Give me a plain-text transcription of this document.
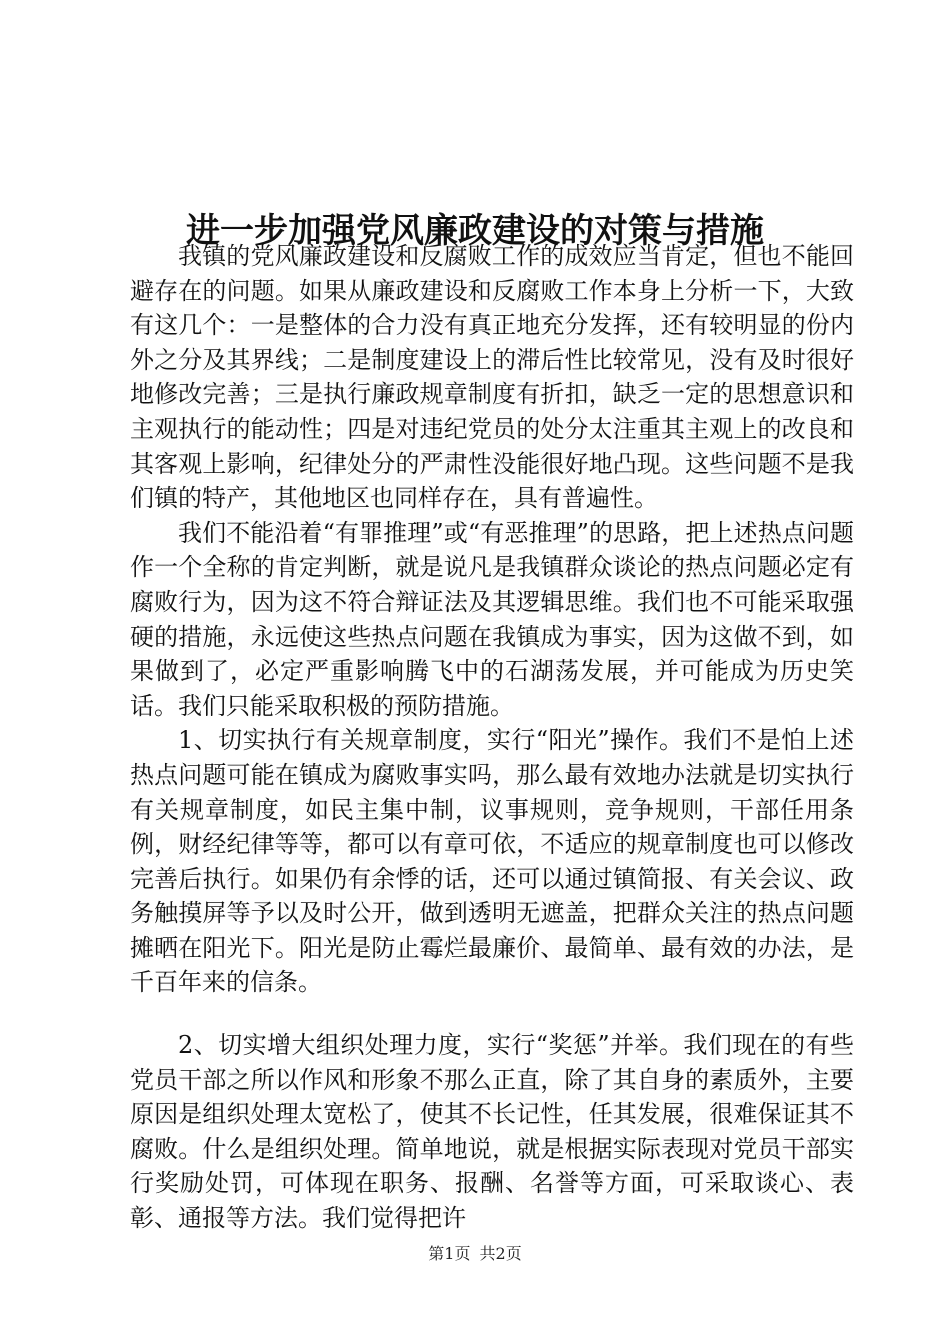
进一步加强党风廉政建设的对策与措施

我镇的党风廉政建设和反腐败工作的成效应当肯定，但也不能回避存在的问题。如果从廉政建设和反腐败工作本身上分析一下，大致有这几个：一是整体的合力没有真正地充分发挥，还有较明显的份内外之分及其界线；二是制度建设上的滞后性比较常见，没有及时很好地修改完善；三是执行廉政规章制度有折扣，缺乏一定的思想意识和主观执行的能动性；四是对违纪党员的处分太注重其主观上的改良和其客观上影响，纪律处分的严肃性没能很好地凸现。这些问题不是我们镇的特产，其他地区也同样存在，具有普遍性。

我们不能沿着“有罪推理”或“有恶推理”的思路，把上述热点问题作一个全称的肯定判断，就是说凡是我镇群众谈论的热点问题必定有腐败行为，因为这不符合辩证法及其逻辑思维。我们也不可能采取强硬的措施，永远使这些热点问题在我镇成为事实，因为这做不到，如果做到了，必定严重影响腾飞中的石湖荡发展，并可能成为历史笑话。我们只能采取积极的预防措施。

1、切实执行有关规章制度，实行“阳光”操作。我们不是怕上述热点问题可能在镇成为腐败事实吗，那么最有效地办法就是切实执行有关规章制度，如民主集中制，议事规则，竞争规则，干部任用条例，财经纪律等等，都可以有章可依，不适应的规章制度也可以修改完善后执行。如果仍有余悸的话，还可以通过镇简报、有关会议、政务触摸屏等予以及时公开，做到透明无遮盖，把群众关注的热点问题摊晒在阳光下。阳光是防止霉烂最廉价、最简单、最有效的办法，是千百年来的信条。

2、切实增大组织处理力度，实行“奖惩”并举。我们现在的有些党员干部之所以作风和形象不那么正直，除了其自身的素质外，主要原因是组织处理太宽松了，使其不长记性，任其发展，很难保证其不腐败。什么是组织处理。简单地说，就是根据实际表现对党员干部实行奖励处罚，可体现在职务、报酬、名誉等方面，可采取谈心、表彰、通报等方法。我们觉得把许

第1页 共2页
